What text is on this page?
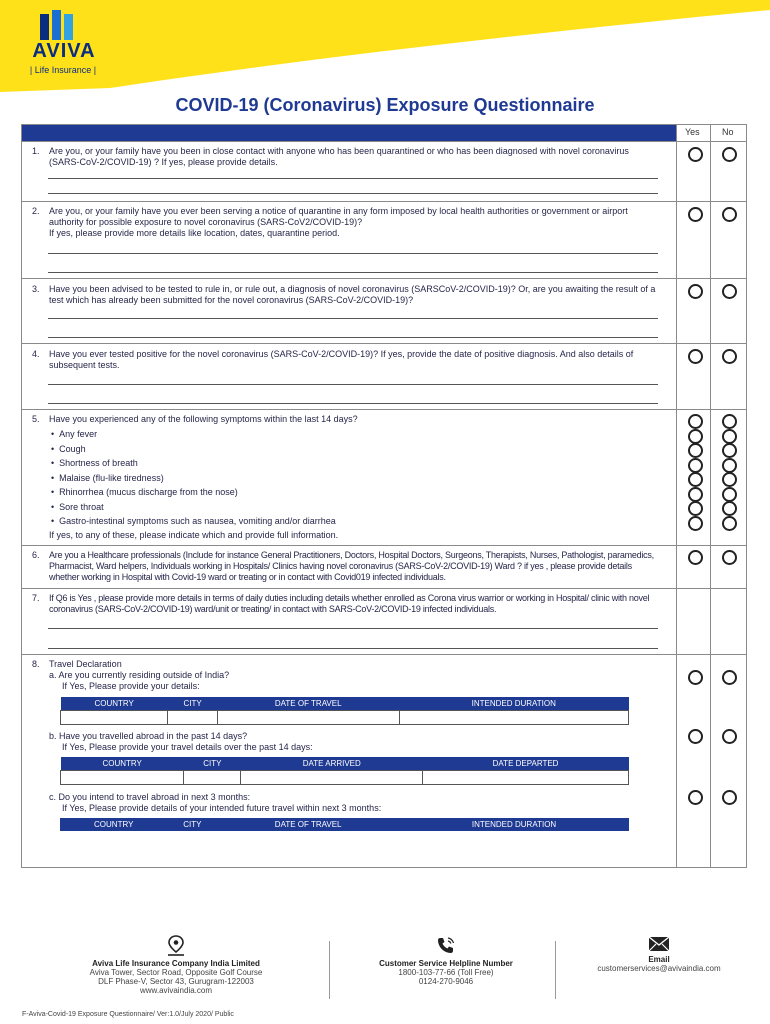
AVIVA
| Life Insurance |
COVID-19 (Coronavirus) Exposure Questionnaire
Yes No
1. Are you, or your family have you been in close contact with anyone who has been quarantined or who has been diagnosed with novel coronavirus (SARS-CoV-2/COVID-19) ? If yes, please provide details.
2. Are you, or your family have you ever been serving a notice of quarantine in any form imposed by local health authorities or government or airport authority for possible exposure to novel coronavirus (SARS-CoV2/COVID-19)?
If yes, please provide more details like location, dates, quarantine period.
3. Have you been advised to be tested to rule in, or rule out, a diagnosis of novel coronavirus (SARSCoV-2/COVID-19)? Or, are you awaiting the result of a test which has already been submitted for the novel coronavirus (SARS-CoV-2/COVID-19)?
4. Have you ever tested positive for the novel coronavirus (SARS-CoV-2/COVID-19)? If yes, provide the date of positive diagnosis. And also details of subsequent tests.
5. Have you experienced any of the following symptoms within the last 14 days?
• Any fever
• Cough
• Shortness of breath
• Malaise (flu-like tiredness)
• Rhinorrhea (mucus discharge from the nose)
• Sore throat
• Gastro-intestinal symptoms such as nausea, vomiting and/or diarrhea
If yes, to any of these, please indicate which and provide full information.
6. Are you a Healthcare professionals (Include for instance General Practitioners, Doctors, Hospital Doctors, Surgeons, Therapists, Nurses, Pathologist, paramedics, Pharmacist, Ward helpers, Individuals working in Hospitals/ Clinics having novel coronavirus (SARS-CoV-2/COVID-19) Ward ? if yes , please provide details whether working in Hospital with Covid-19 ward or treating or in contact with Covid019 infected individuals.
7. If Q6 is Yes , please provide more details in terms of daily duties including details whether enrolled as Corona virus warrior or working in Hospital/ clinic with novel coronavirus (SARS-CoV-2/COVID-19) ward/unit or treating/ in contact with SARS-CoV-2/COVID-19 infected individuals.
8. Travel Declaration
a. Are you currently residing outside of India?
If Yes, Please provide your details:
COUNTRY	CITY	DATE OF TRAVEL	INTENDED DURATION

b. Have you travelled abroad in the past 14 days?
If Yes, Please provide your travel details over the past 14 days:
COUNTRY	CITY	DATE ARRIVED	DATE DEPARTED

c. Do you intend to travel abroad in next 3 months:
If Yes, Please provide details of your intended future travel within next 3 months:
COUNTRY	CITY	DATE OF TRAVEL	INTENDED DURATION

Aviva Life Insurance Company India Limited
Aviva Tower, Sector Road, Opposite Golf Course
DLF Phase-V, Sector 43, Gurugram-122003
www.avivaindia.com

Customer Service Helpline Number
1800-103-77-66 (Toll Free)
0124-270-9046

Email
customerservices@avivaindia.com
F-Aviva-Covid-19 Exposure Questionnaire/ Ver:1.0/July 2020/ Public
